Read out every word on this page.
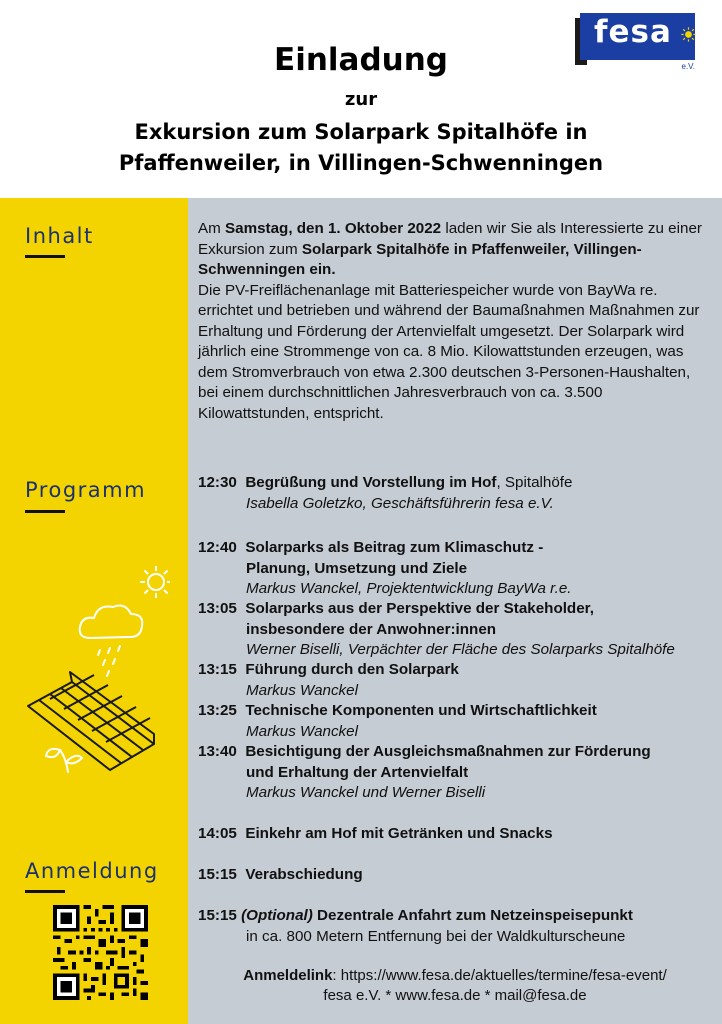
Einladung
zur
Exkursion zum Solarpark Spitalhöfe in
Pfaffenweiler, in Villingen-Schwenningen
fesa
e.V.
Inhalt
Programm
Anmeldung
Am Samstag, den 1. Oktober 2022 laden wir Sie als Interessierte zu einer Exkursion zum Solarpark Spitalhöfe in Pfaffenweiler, Villingen-Schwenningen ein.
Die PV-Freiflächenanlage mit Batteriespeicher wurde von BayWa re. errichtet und betrieben und während der Baumaßnahmen Maßnahmen zur Erhaltung und Förderung der Artenvielfalt umgesetzt. Der Solarpark wird jährlich eine Strommenge von ca. 8 Mio. Kilowattstunden erzeugen, was dem Stromverbrauch von etwa 2.300 deutschen 3-Personen-Haushalten, bei einem durchschnittlichen Jahresverbrauch von ca. 3.500 Kilowattstunden, entspricht.
12:30 Begrüßung und Vorstellung im Hof, Spitalhöfe
Isabella Goletzko, Geschäftsführerin fesa e.V.
12:40 Solarparks als Beitrag zum Klimaschutz -
Planung, Umsetzung und Ziele
Markus Wanckel, Projektentwicklung BayWa r.e.
13:05 Solarparks aus der Perspektive der Stakeholder,
insbesondere der Anwohner:innen
Werner Biselli, Verpächter der Fläche des Solarparks Spitalhöfe
13:15 Führung durch den Solarpark
Markus Wanckel
13:25 Technische Komponenten und Wirtschaftlichkeit
Markus Wanckel
13:40 Besichtigung der Ausgleichsmaßnahmen zur Förderung
und Erhaltung der Artenvielfalt
Markus Wanckel und Werner Biselli
14:05 Einkehr am Hof mit Getränken und Snacks
15:15 Verabschiedung
15:15 (Optional) Dezentrale Anfahrt zum Netzeinspeisepunkt
in ca. 800 Metern Entfernung bei der Waldkulturscheune
Anmeldelink: https://www.fesa.de/aktuelles/termine/fesa-event/
fesa e.V. * www.fesa.de * mail@fesa.de
